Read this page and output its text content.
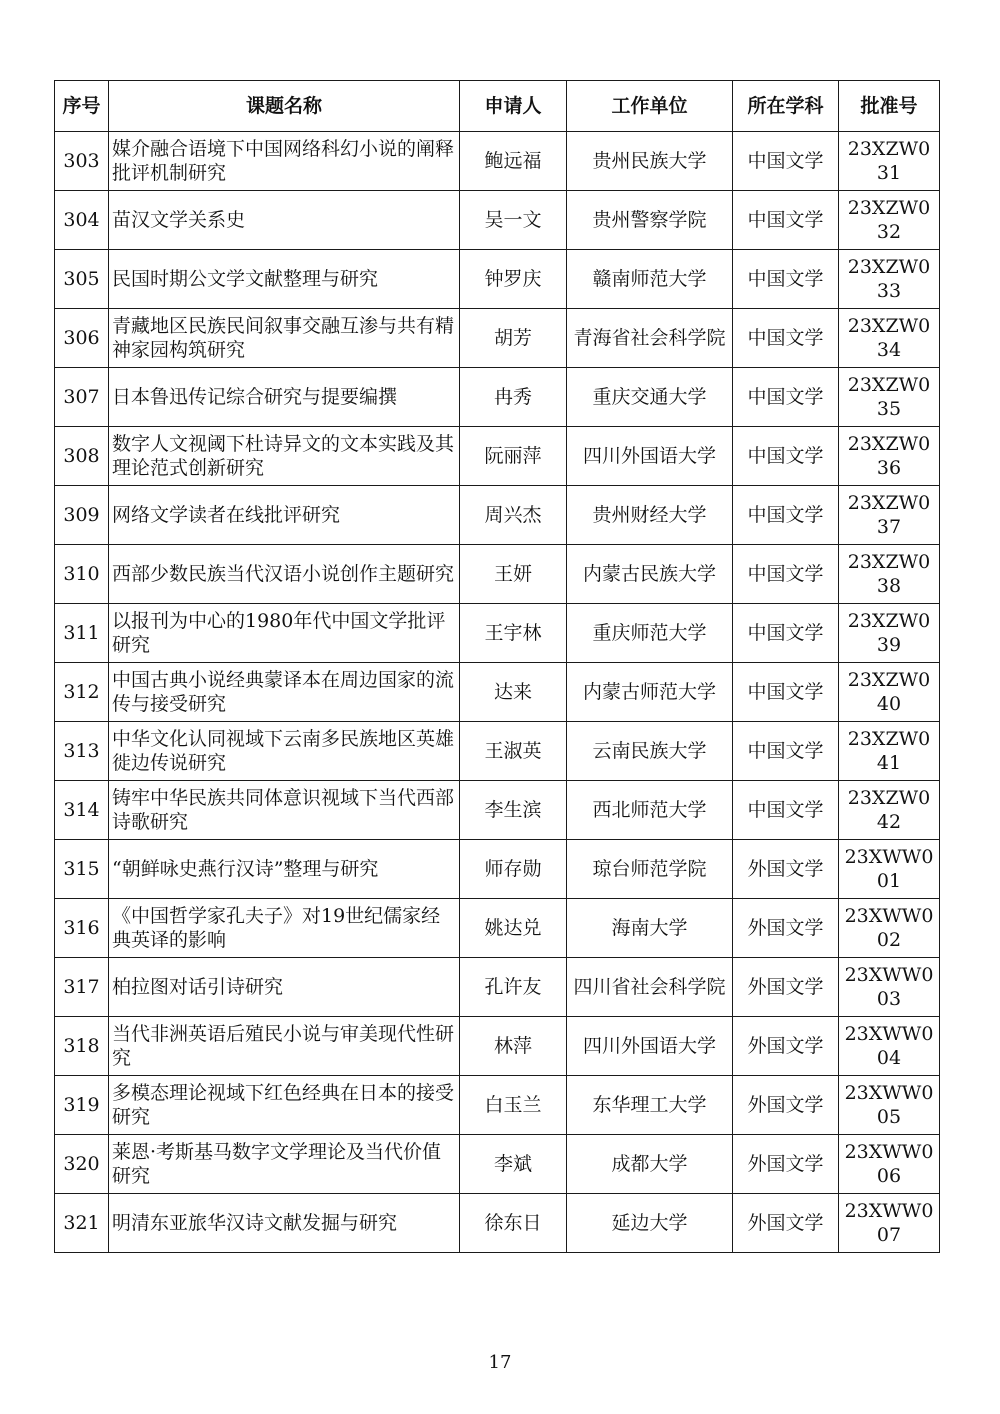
序号	课题名称	申请人	工作单位	所在学科	批准号
303	媒介融合语境下中国网络科幻小说的阐释批评机制研究	鲍远福	贵州民族大学	中国文学	23XZW031
304	苗汉文学关系史	吴一文	贵州警察学院	中国文学	23XZW032
305	民国时期公文学文献整理与研究	钟罗庆	赣南师范大学	中国文学	23XZW033
306	青藏地区民族民间叙事交融互渗与共有精神家园构筑研究	胡芳	青海省社会科学院	中国文学	23XZW034
307	日本鲁迅传记综合研究与提要编撰	冉秀	重庆交通大学	中国文学	23XZW035
308	数字人文视阈下杜诗异文的文本实践及其理论范式创新研究	阮丽萍	四川外国语大学	中国文学	23XZW036
309	网络文学读者在线批评研究	周兴杰	贵州财经大学	中国文学	23XZW037
310	西部少数民族当代汉语小说创作主题研究	王妍	内蒙古民族大学	中国文学	23XZW038
311	以报刊为中心的1980年代中国文学批评研究	王宇林	重庆师范大学	中国文学	23XZW039
312	中国古典小说经典蒙译本在周边国家的流传与接受研究	达来	内蒙古师范大学	中国文学	23XZW040
313	中华文化认同视域下云南多民族地区英雄徙边传说研究	王淑英	云南民族大学	中国文学	23XZW041
314	铸牢中华民族共同体意识视域下当代西部诗歌研究	李生滨	西北师范大学	中国文学	23XZW042
315	“朝鲜咏史燕行汉诗”整理与研究	师存勋	琼台师范学院	外国文学	23XWW001
316	《中国哲学家孔夫子》对19世纪儒家经典英译的影响	姚达兑	海南大学	外国文学	23XWW002
317	柏拉图对话引诗研究	孔许友	四川省社会科学院	外国文学	23XWW003
318	当代非洲英语后殖民小说与审美现代性研究	林萍	四川外国语大学	外国文学	23XWW004
319	多模态理论视域下红色经典在日本的接受研究	白玉兰	东华理工大学	外国文学	23XWW005
320	莱恩·考斯基马数字文学理论及当代价值研究	李斌	成都大学	外国文学	23XWW006
321	明清东亚旅华汉诗文献发掘与研究	徐东日	延边大学	外国文学	23XWW007
17
